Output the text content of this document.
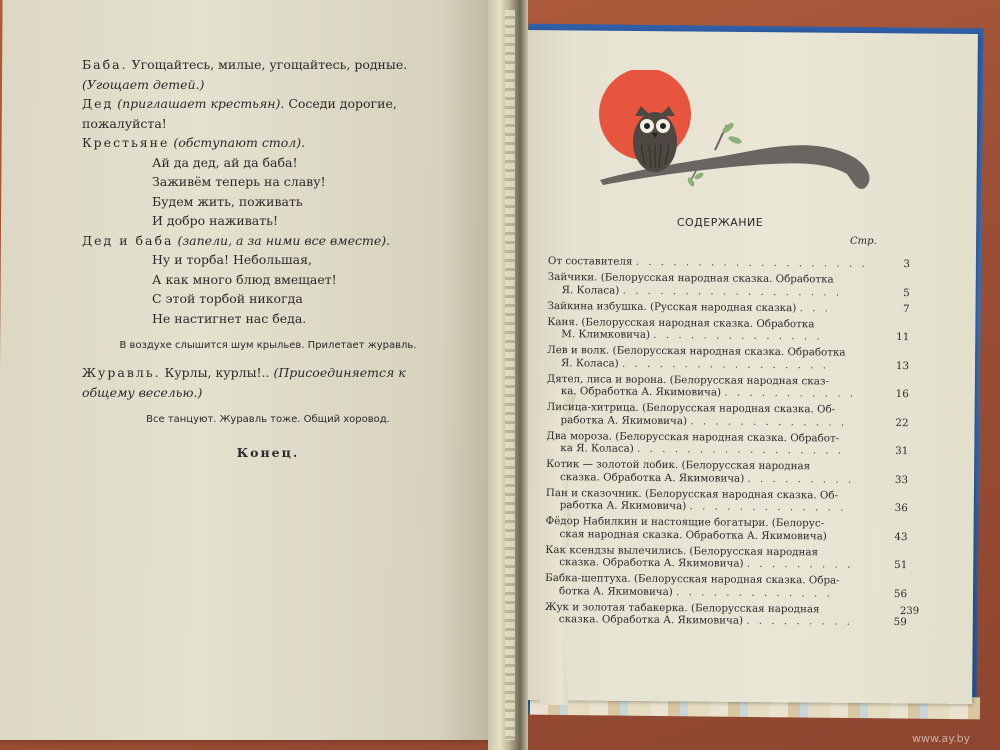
Баба. Угощайтесь, милые, угощайтесь, родные.

(Угощает детей.)

Дед (приглашает крестьян). Соседи дорогие, пожалуйста!

Крестьяне (обступают стол).

Ай да дед, ай да баба!

Заживём теперь на славу!

Будем жить, поживать

И добро наживать!

Дед и баба (запели, а за ними все вместе).

Ну и торба! Небольшая,

А как много блюд вмещает!

С этой торбой никогда

Не настигнет нас беда.

В воздухе слышится шум крыльев. Прилетает журавль.

Журавль. Курлы, курлы!.. (Присоединяется к общему веселью.)

Все танцуют. Журавль тоже. Общий хоровод.

Конец.

СОДЕРЖАНИЕ
Стр.
От составителя . . . . . . . . . . . . . . . . . . .	3
Зайчики. (Белорусская народная сказка. Обработка
Я. Коласа) . . . . . . . . . . . . . . . . . .	5
Зайкина избушка. (Русская народная сказка) . . .	7
Каня. (Белорусская народная сказка. Обработка
М. Климковича) . . . . . . . . . . . . . .	11
Лев и волк. (Белорусская народная сказка. Обработка
Я. Коласа) . . . . . . . . . . . . . . . . .	13
Дятел, лиса и ворона. (Белорусская народная сказ-
ка. Обработка А. Якимовича) . . . . . . . . . . .	16
Лисица-хитрица. (Белорусская народная сказка. Об-
работка А. Якимовича) . . . . . . . . . . . . .	22
Два мороза. (Белорусская народная сказка. Обработ-
ка Я. Коласа) . . . . . . . . . . . . . . . . .	31
Котик — золотой лобик. (Белорусская народная
сказка. Обработка А. Якимовича) . . . . . . . . .	33
Пан и сказочник. (Белорусская народная сказка. Об-
работка А. Якимовича) . . . . . . . . . . . . .	36
Фёдор Набилкин и настоящие богатыри. (Белорус-
ская народная сказка. Обработка А. Якимовича)	43
Как ксендзы вылечились. (Белорусская народная
сказка. Обработка А. Якимовича) . . . . . . . . .	51
Бабка-шептуха. (Белорусская народная сказка. Обра-
ботка А. Якимовича) . . . . . . . . . . . . .	56
Жук и золотая табакерка. (Белорусская народная
сказка. Обработка А. Якимовича) . . . . . . . . .	59
239
www.ay.by
